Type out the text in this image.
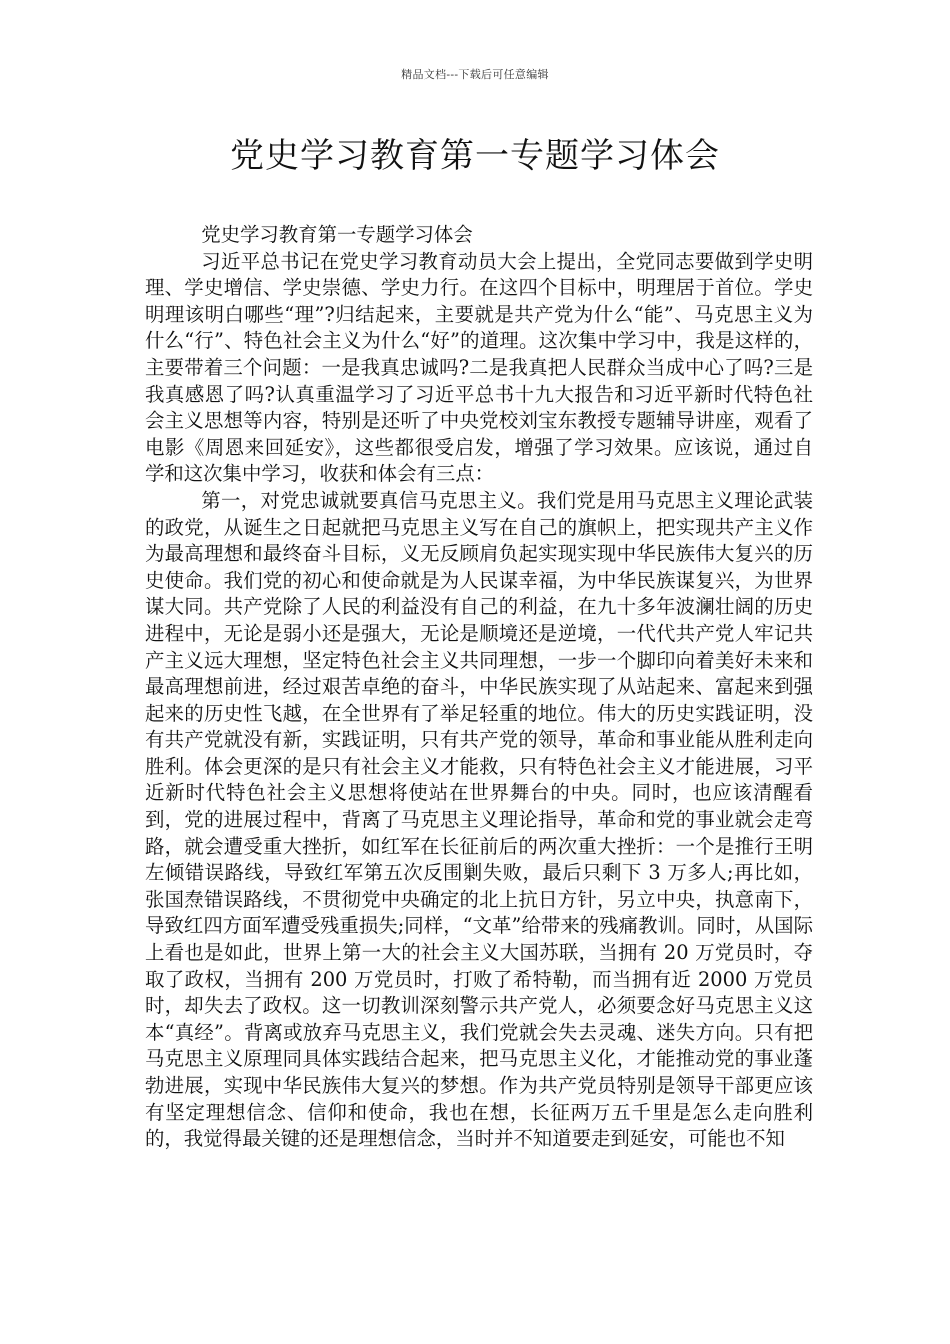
精品文档---下载后可任意编辑
党史学习教育第一专题学习体会

党史学习教育第一专题学习体会

习近平总书记在党史学习教育动员大会上提出，全党同志要做到学史明理、学史增信、学史崇德、学史力行。在这四个目标中，明理居于首位。学史明理该明白哪些“理”?归结起来，主要就是共产党为什么“能”、马克思主义为什么“行”、特色社会主义为什么“好”的道理。这次集中学习中，我是这样的，主要带着三个问题：一是我真忠诚吗?二是我真把人民群众当成中心了吗?三是我真感恩了吗?认真重温学习了习近平总书十九大报告和习近平新时代特色社会主义思想等内容，特别是还听了中央党校刘宝东教授专题辅导讲座，观看了电影《周恩来回延安》，这些都很受启发，增强了学习效果。应该说，通过自学和这次集中学习，收获和体会有三点：

第一，对党忠诚就要真信马克思主义。我们党是用马克思主义理论武装的政党，从诞生之日起就把马克思主义写在自己的旗帜上，把实现共产主义作为最高理想和最终奋斗目标，义无反顾肩负起实现实现中华民族伟大复兴的历史使命。我们党的初心和使命就是为人民谋幸福，为中华民族谋复兴，为世界谋大同。共产党除了人民的利益没有自己的利益，在九十多年波澜壮阔的历史进程中，无论是弱小还是强大，无论是顺境还是逆境，一代代共产党人牢记共产主义远大理想，坚定特色社会主义共同理想，一步一个脚印向着美好未来和最高理想前进，经过艰苦卓绝的奋斗，中华民族实现了从站起来、富起来到强起来的历史性飞越，在全世界有了举足轻重的地位。伟大的历史实践证明，没有共产党就没有新，实践证明，只有共产党的领导，革命和事业能从胜利走向胜利。体会更深的是只有社会主义才能救，只有特色社会主义才能进展，习平近新时代特色社会主义思想将使站在世界舞台的中央。同时，也应该清醒看到，党的进展过程中，背离了马克思主义理论指导，革命和党的事业就会走弯路，就会遭受重大挫折，如红军在长征前后的两次重大挫折：一个是推行王明左倾错误路线，导致红军第五次反围剿失败，最后只剩下 3 万多人;再比如，张国焘错误路线，不贯彻党中央确定的北上抗日方针，另立中央，执意南下，导致红四方面军遭受残重损失;同样，“文革”给带来的残痛教训。同时，从国际上看也是如此，世界上第一大的社会主义大国苏联，当拥有 20 万党员时，夺取了政权，当拥有 200 万党员时，打败了希特勒，而当拥有近 2000 万党员时，却失去了政权。这一切教训深刻警示共产党人，必须要念好马克思主义这本“真经”。背离或放弃马克思主义，我们党就会失去灵魂、迷失方向。只有把马克思主义原理同具体实践结合起来，把马克思主义化，才能推动党的事业蓬勃进展，实现中华民族伟大复兴的梦想。作为共产党员特别是领导干部更应该有坚定理想信念、信仰和使命，我也在想，长征两万五千里是怎么走向胜利的，我觉得最关键的还是理想信念，当时并不知道要走到延安，可能也不知
